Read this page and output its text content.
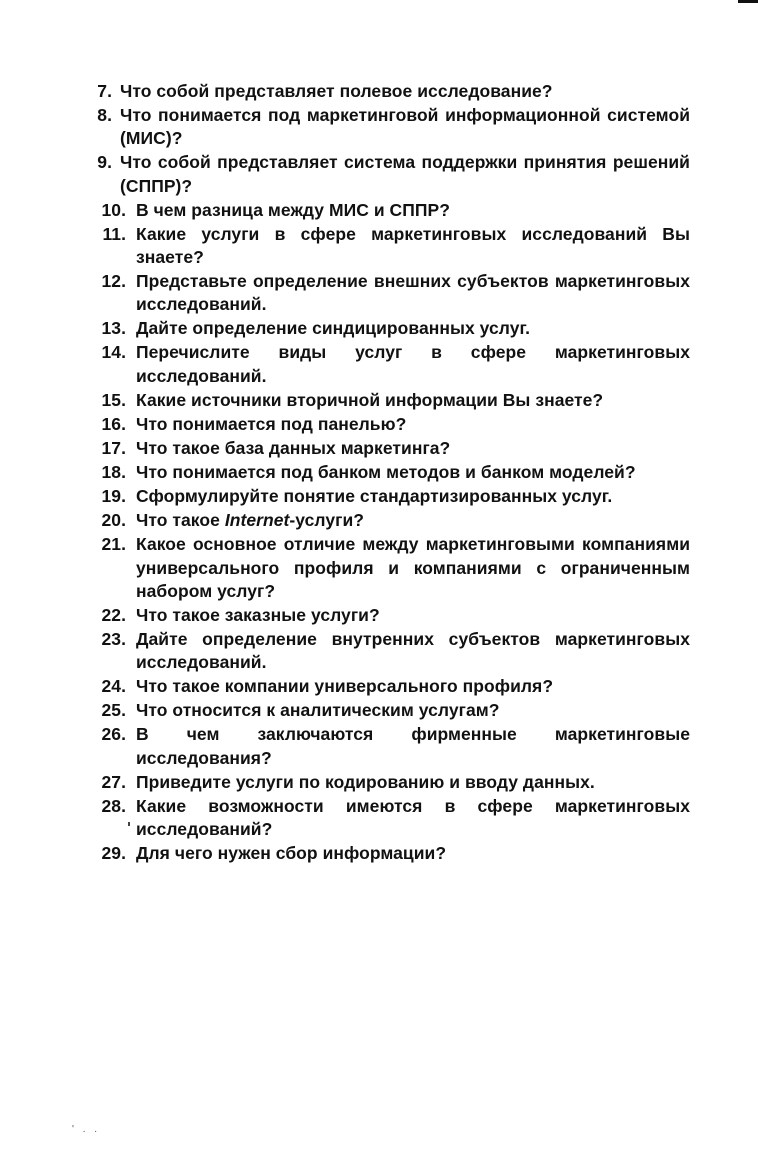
7. Что собой представляет полевое исследование?
8. Что понимается под маркетинговой информационной системой (МИС)?
9. Что собой представляет система поддержки принятия решений (СППР)?
10. В чем разница между МИС и СППР?
11. Какие услуги в сфере маркетинговых исследований Вы знаете?
12. Представьте определение внешних субъектов маркетинговых исследований.
13. Дайте определение синдицированных услуг.
14. Перечислите виды услуг в сфере маркетинговых исследований.
15. Какие источники вторичной информации Вы знаете?
16. Что понимается под панелью?
17. Что такое база данных маркетинга?
18. Что понимается под банком методов и банком моделей?
19. Сформулируйте понятие стандартизированных услуг.
20. Что такое Internet-услуги?
21. Какое основное отличие между маркетинговыми компаниями универсального профиля и компаниями с ограниченным набором услуг?
22. Что такое заказные услуги?
23. Дайте определение внутренних субъектов маркетинговых исследований.
24. Что такое компании универсального профиля?
25. Что относится к аналитическим услугам?
26. В чем заключаются фирменные маркетинговые исследования?
27. Приведите услуги по кодированию и вводу данных.
28. Какие возможности имеются в сфере маркетинговых исследований?
29. Для чего нужен сбор информации?
' . .
